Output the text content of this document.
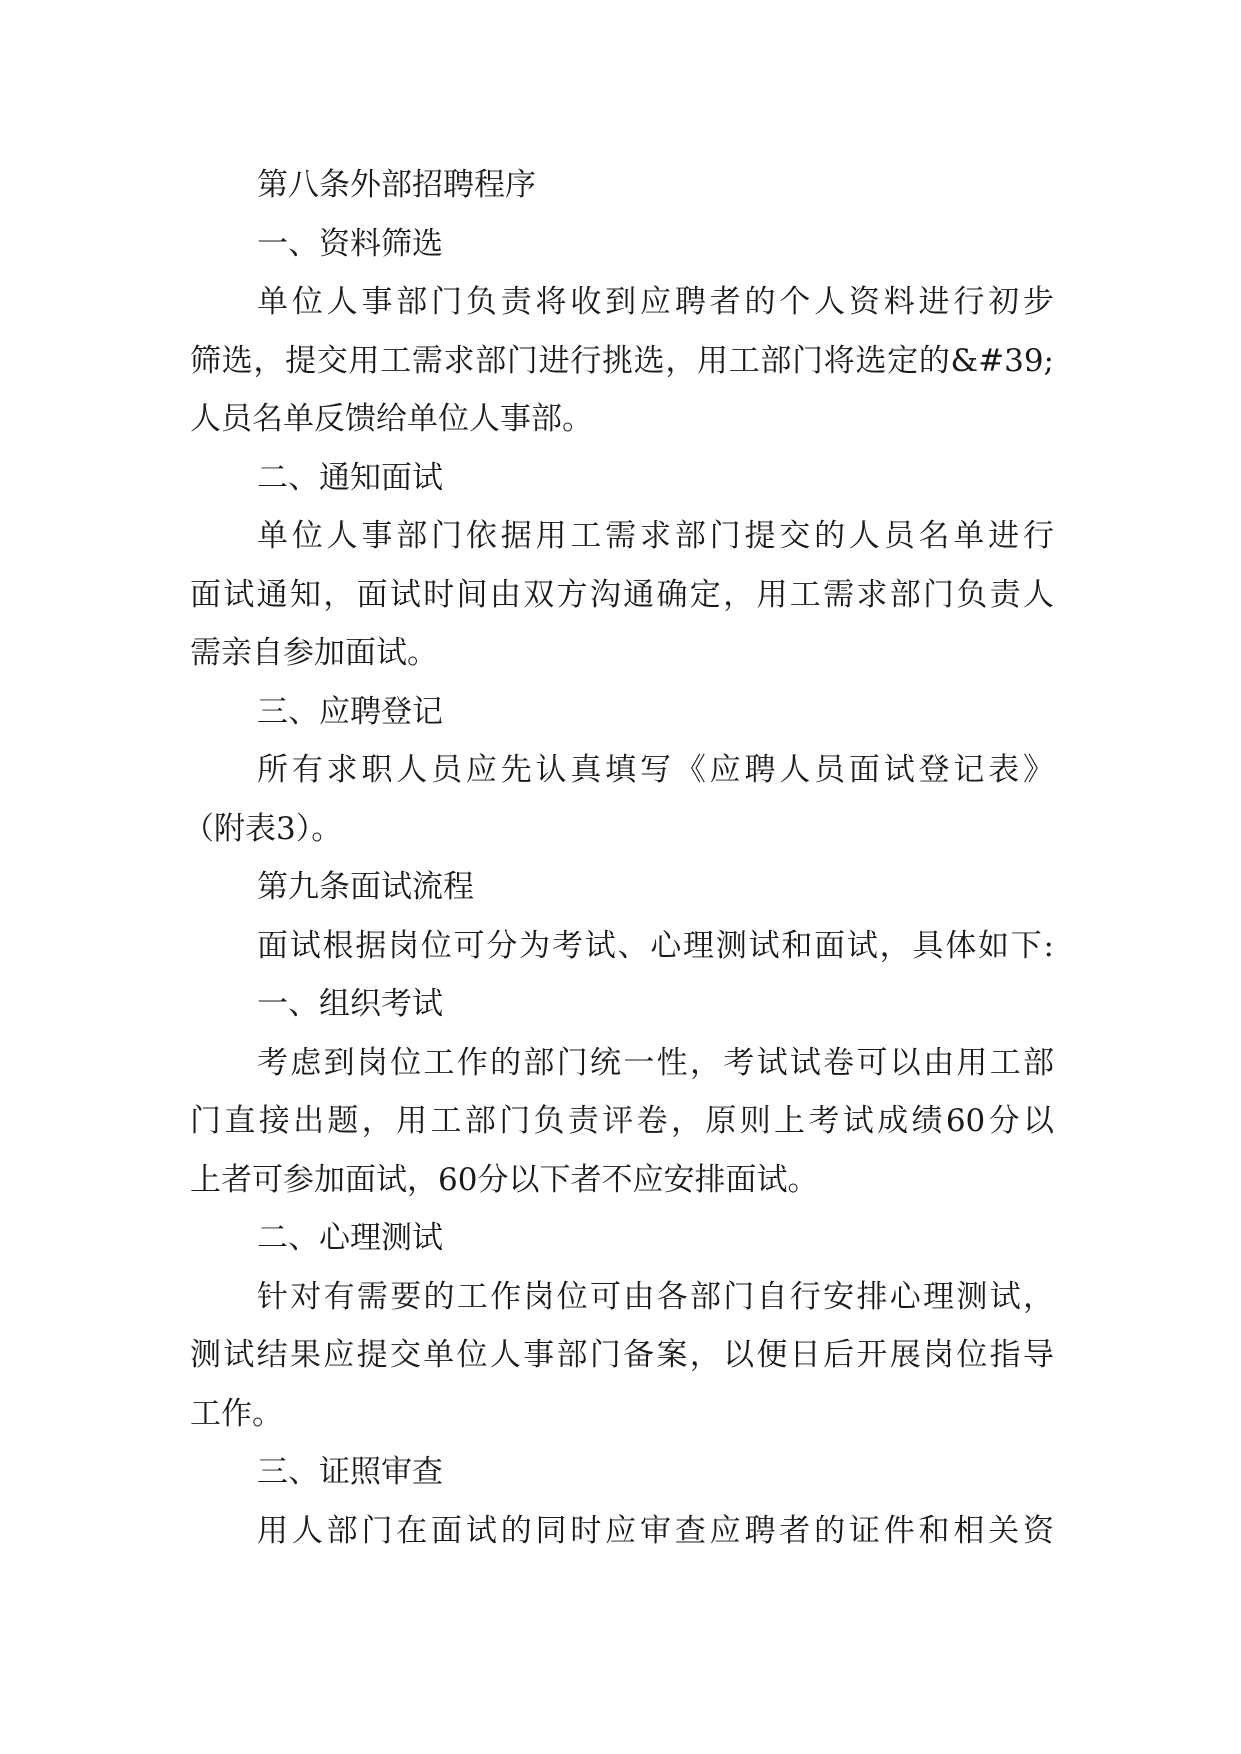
第八条外部招聘程序
一、资料筛选
单位人事部门负责将收到应聘者的个人资料进行初步
筛选，提交用工需求部门进行挑选，用工部门将选定的&#39;
人员名单反馈给单位人事部。
二、通知面试
单位人事部门依据用工需求部门提交的人员名单进行
面试通知，面试时间由双方沟通确定，用工需求部门负责人
需亲自参加面试。
三、应聘登记
所有求职人员应先认真填写《应聘人员面试登记表》
（附表3）。
第九条面试流程
面试根据岗位可分为考试、心理测试和面试，具体如下:
一、组织考试
考虑到岗位工作的部门统一性，考试试卷可以由用工部
门直接出题，用工部门负责评卷，原则上考试成绩60分以
上者可参加面试，60分以下者不应安排面试。
二、心理测试
针对有需要的工作岗位可由各部门自行安排心理测试，
测试结果应提交单位人事部门备案，以便日后开展岗位指导
工作。
三、证照审查
用人部门在面试的同时应审查应聘者的证件和相关资
